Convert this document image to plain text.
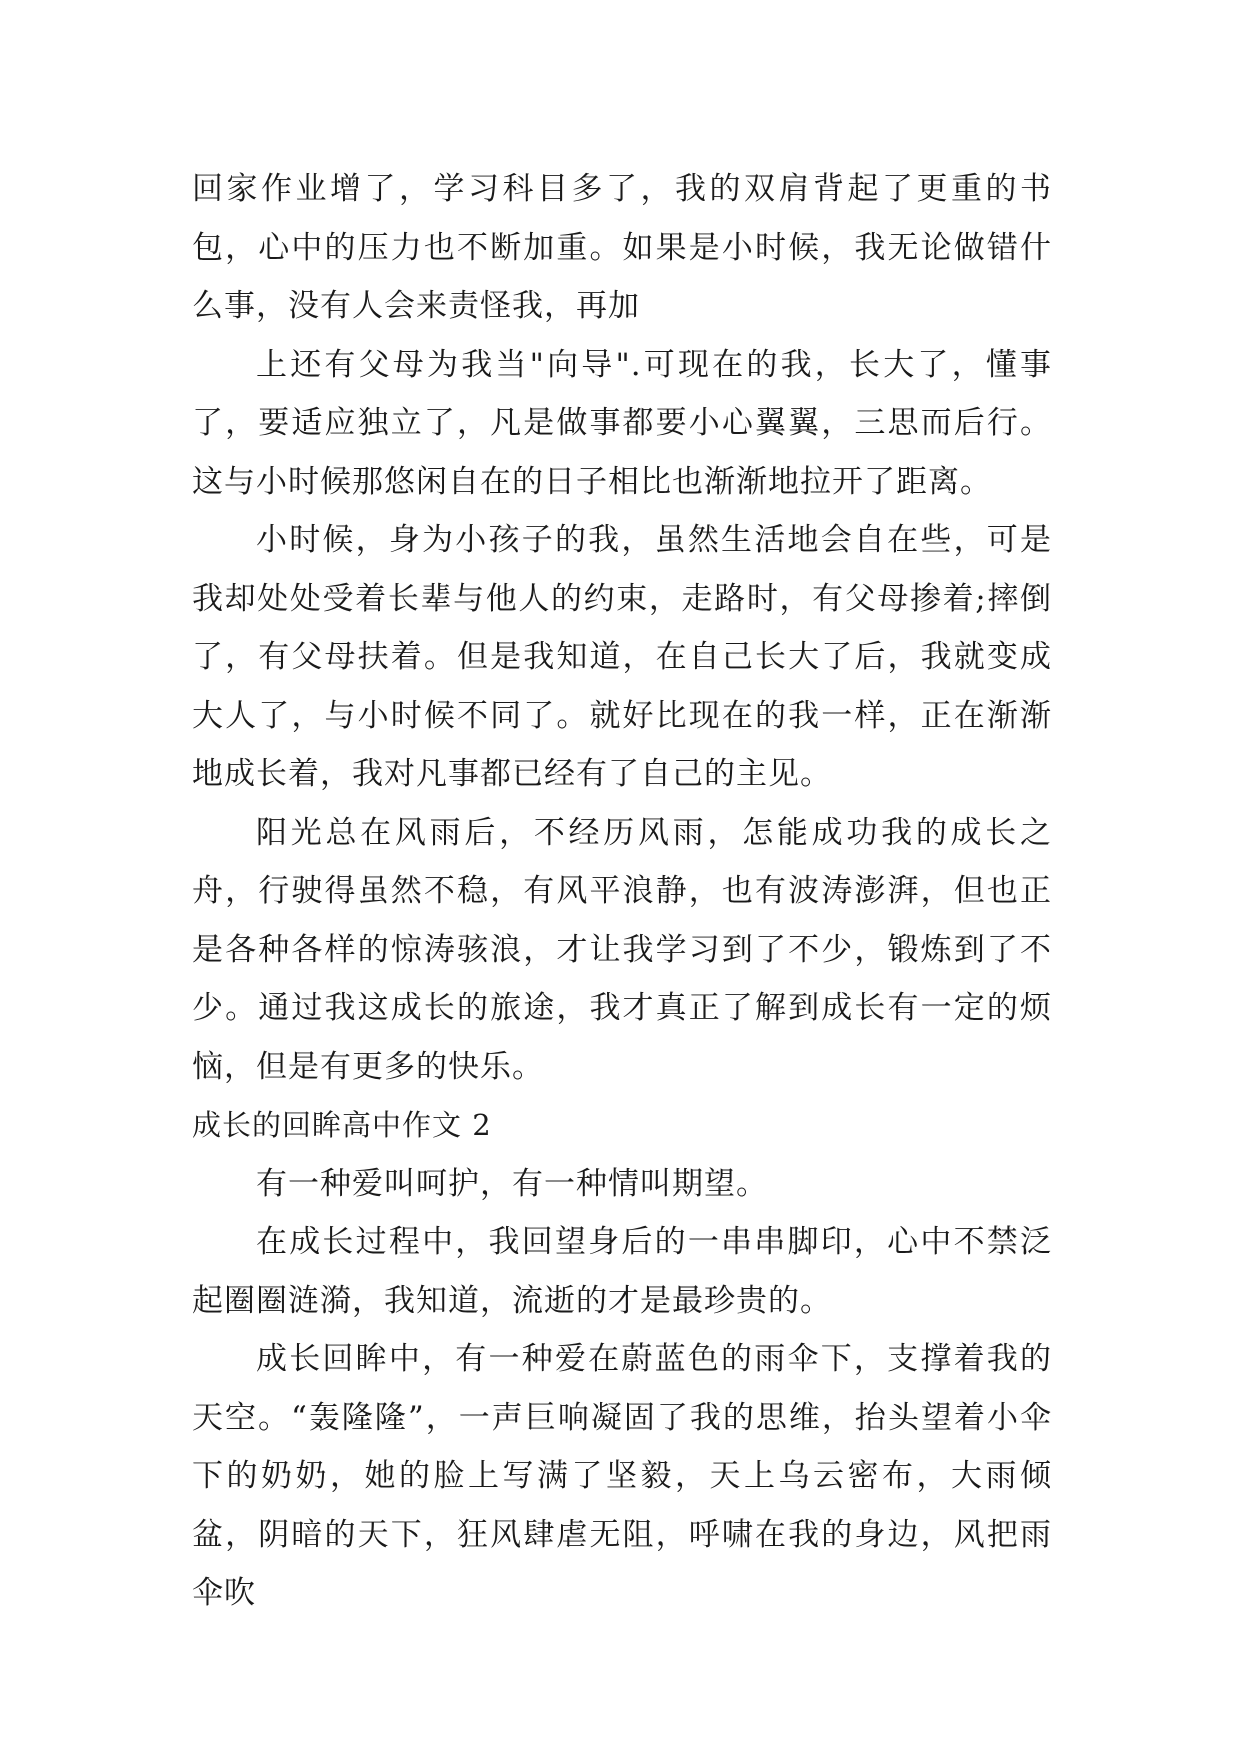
回家作业增了，学习科目多了，我的双肩背起了更重的书包，心中的压力也不断加重。如果是小时候，我无论做错什么事，没有人会来责怪我，再加

上还有父母为我当"向导".可现在的我，长大了，懂事了，要适应独立了，凡是做事都要小心翼翼，三思而后行。这与小时候那悠闲自在的日子相比也渐渐地拉开了距离。

小时候，身为小孩子的我，虽然生活地会自在些，可是我却处处受着长辈与他人的约束，走路时，有父母掺着;摔倒了，有父母扶着。但是我知道，在自己长大了后，我就变成大人了，与小时候不同了。就好比现在的我一样，正在渐渐地成长着，我对凡事都已经有了自己的主见。

阳光总在风雨后，不经历风雨，怎能成功我的成长之舟，行驶得虽然不稳，有风平浪静，也有波涛澎湃，但也正是各种各样的惊涛骇浪，才让我学习到了不少，锻炼到了不少。通过我这成长的旅途，我才真正了解到成长有一定的烦恼，但是有更多的快乐。

成长的回眸高中作文 2

有一种爱叫呵护，有一种情叫期望。

在成长过程中，我回望身后的一串串脚印，心中不禁泛起圈圈涟漪，我知道，流逝的才是最珍贵的。

成长回眸中，有一种爱在蔚蓝色的雨伞下，支撑着我的天空。“轰隆隆”，一声巨响凝固了我的思维，抬头望着小伞下的奶奶，她的脸上写满了坚毅，天上乌云密布，大雨倾盆，阴暗的天下，狂风肆虐无阻，呼啸在我的身边，风把雨伞吹
